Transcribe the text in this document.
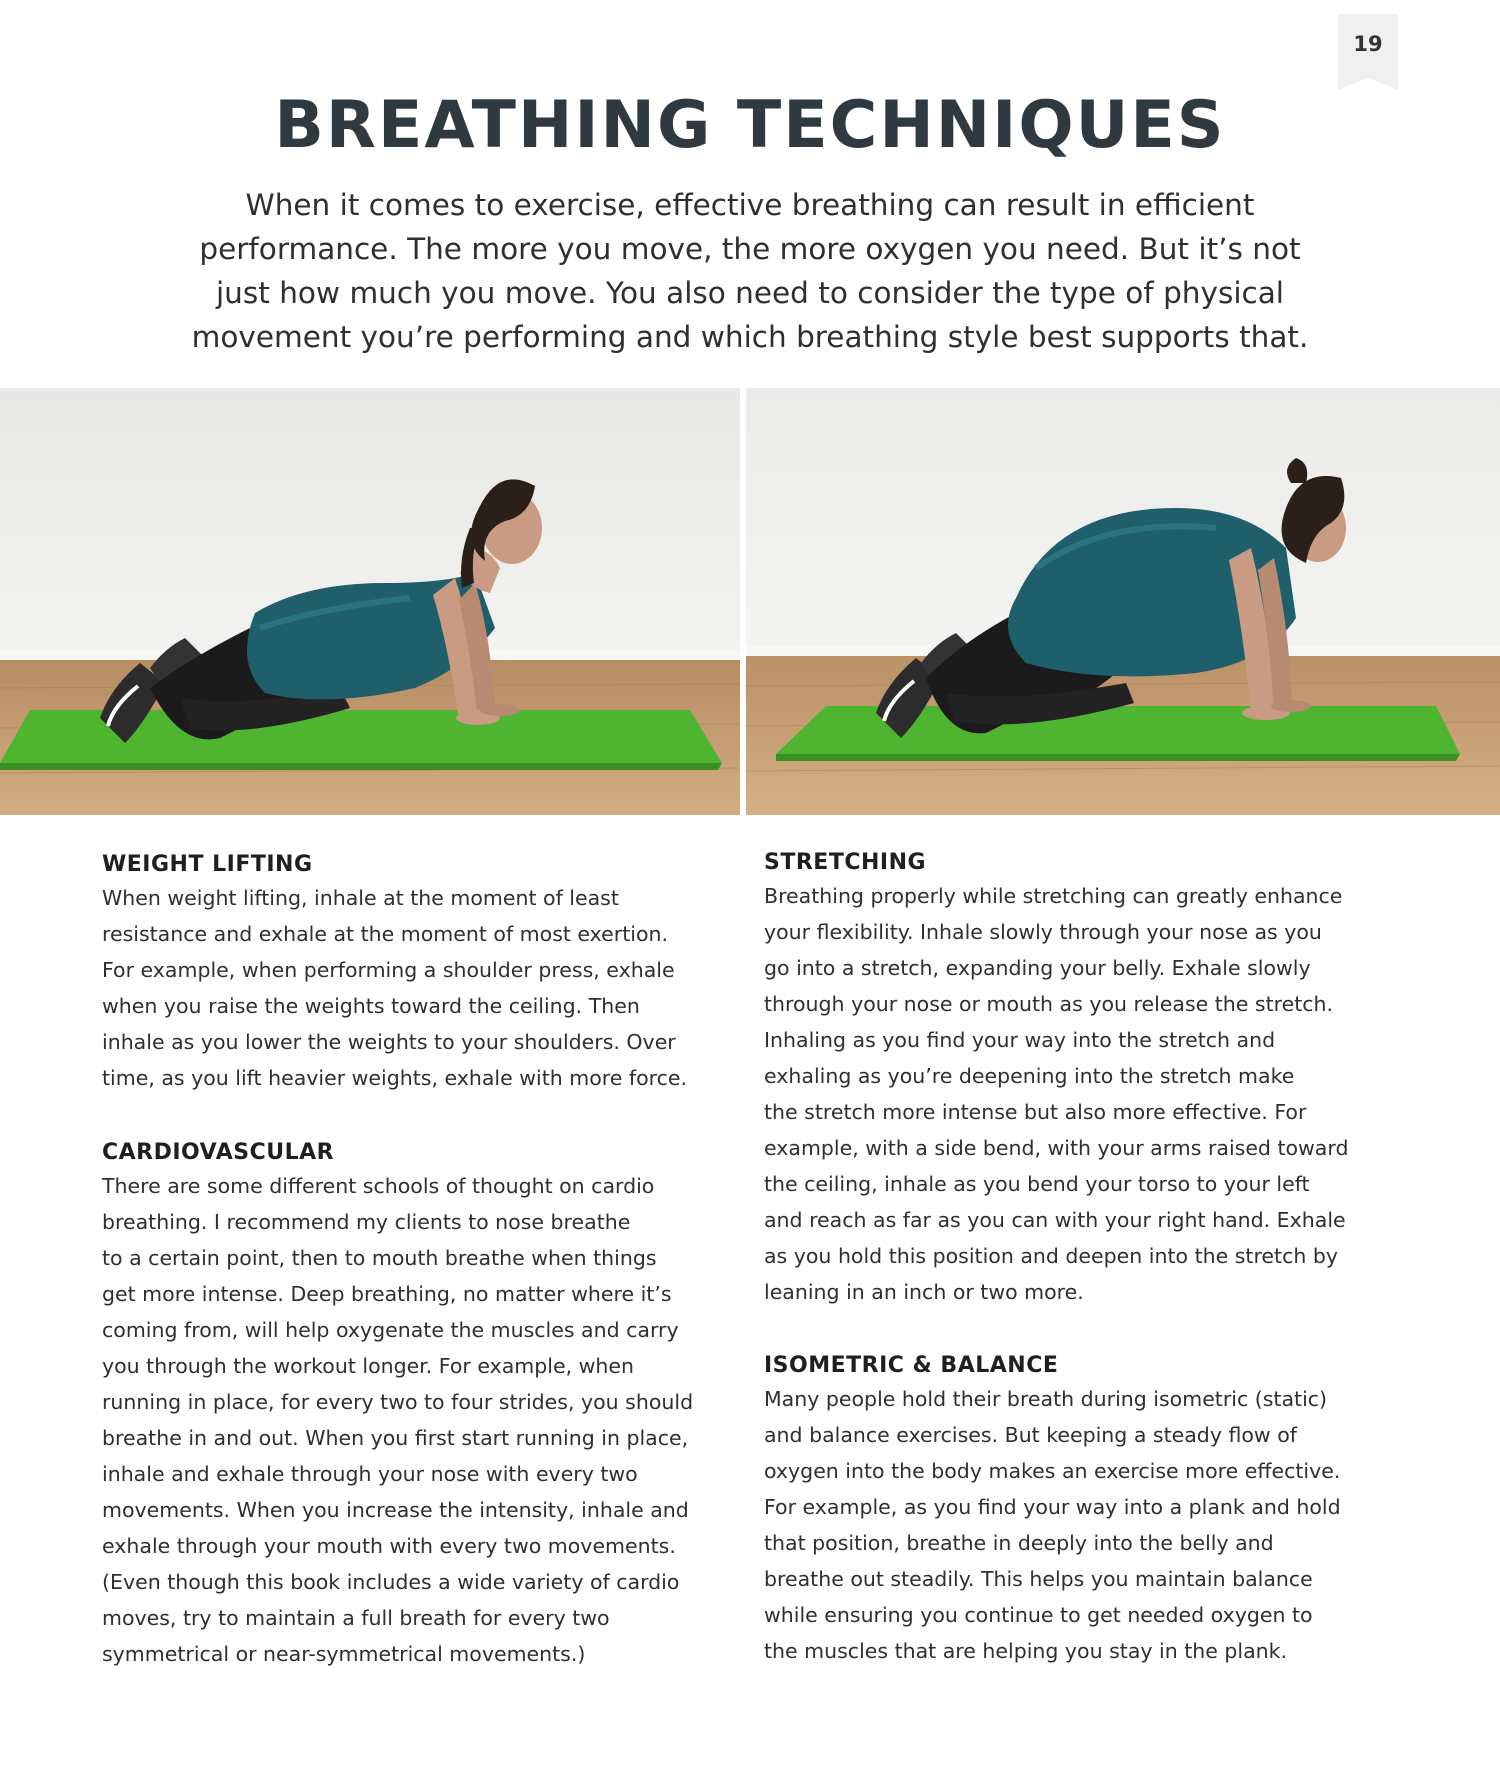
19
BREATHING TECHNIQUES
When it comes to exercise, effective breathing can result in efficient
performance. The more you move, the more oxygen you need. But it’s not
just how much you move. You also need to consider the type of physical
movement you’re performing and which breathing style best supports that.
WEIGHT LIFTING
When weight lifting, inhale at the moment of least
resistance and exhale at the moment of most exertion.
For example, when performing a shoulder press, exhale
when you raise the weights toward the ceiling. Then
inhale as you lower the weights to your shoulders. Over
time, as you lift heavier weights, exhale with more force.
CARDIOVASCULAR
There are some different schools of thought on cardio
breathing. I recommend my clients to nose breathe
to a certain point, then to mouth breathe when things
get more intense. Deep breathing, no matter where it’s
coming from, will help oxygenate the muscles and carry
you through the workout longer. For example, when
running in place, for every two to four strides, you should
breathe in and out. When you first start running in place,
inhale and exhale through your nose with every two
movements. When you increase the intensity, inhale and
exhale through your mouth with every two movements.
(Even though this book includes a wide variety of cardio
moves, try to maintain a full breath for every two
symmetrical or near-symmetrical movements.)
STRETCHING
Breathing properly while stretching can greatly enhance
your flexibility. Inhale slowly through your nose as you
go into a stretch, expanding your belly. Exhale slowly
through your nose or mouth as you release the stretch.
Inhaling as you find your way into the stretch and
exhaling as you’re deepening into the stretch make
the stretch more intense but also more effective. For
example, with a side bend, with your arms raised toward
the ceiling, inhale as you bend your torso to your left
and reach as far as you can with your right hand. Exhale
as you hold this position and deepen into the stretch by
leaning in an inch or two more.
ISOMETRIC & BALANCE
Many people hold their breath during isometric (static)
and balance exercises. But keeping a steady flow of
oxygen into the body makes an exercise more effective.
For example, as you find your way into a plank and hold
that position, breathe in deeply into the belly and
breathe out steadily. This helps you maintain balance
while ensuring you continue to get needed oxygen to
the muscles that are helping you stay in the plank.
